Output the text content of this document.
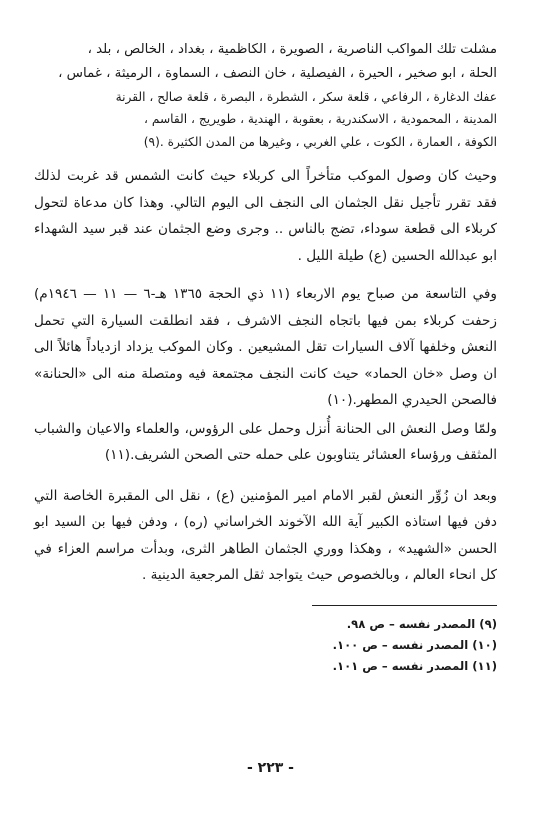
مشلت تلك المواكب الناصرية ، الصويرة ، الكاظمية ، بغداد ، الخالص ، بلد ،
الحلة ، ابو صخير ، الحيرة ، الفيصلية ، خان النصف ، السماوة ، الرميثة ، غماس ،
عفك الدغارة ، الرفاعي ، قلعة سكر ، الشطرة ، البصرة ، قلعة صالح ، القرنة
المدينة ، المحمودية ، الاسكندرية ، بعقوبة ، الهندية ، طويريج ، القاسم ،
الكوفة ، العمارة ، الكوت ، علي الغربي ، وغيرها من المدن الكثيرة .(٩)

وحيث كان وصول الموكب متأخراً الى كربلاء حيث كانت الشمس قد غربت لذلك فقد تقرر تأجيل نقل الجثمان الى النجف الى اليوم التالي. وهذا كان مدعاة لتحول كربلاء الى قطعة سوداء، تضج بالناس .. وجرى وضع الجثمان عند قبر سيد الشهداء ابو عبدالله الحسين (ع) طيلة الليل .

وفي التاسعة من صباح يوم الاربعاء (١١ ذي الحجة ١٣٦٥ هـ-٦ — ١١ — ١٩٤٦م) زحفت كربلاء بمن فيها باتجاه النجف الاشرف ، فقد انطلقت السيارة التي تحمل النعش وخلفها آلاف السيارات تقل المشيعين . وكان الموكب يزداد ازدياداً هائلاً الى ان وصل «خان الحماد» حيث كانت النجف مجتمعة فيه ومتصلة منه الى «الحنانة» فالصحن الحيدري المطهر.(١٠)

ولمّا وصل النعش الى الحنانة أُنزل وحمل على الرؤوس، والعلماء والاعيان والشباب المثقف ورؤساء العشائر يتناوبون على حمله حتى الصحن الشريف.(١١)

وبعد ان زُوِّر النعش لقبر الامام امير المؤمنين (ع) ، نقل الى المقبرة الخاصة التي دفن فيها استاذه الكبير آية الله الآخوند الخراساني (ره) ، ودفن فيها بن السيد ابو الحسن «الشهيد» ، وهكذا ووري الجثمان الطاهر الثرى، وبدأت مراسم العزاء في كل انحاء العالم ، وبالخصوص حيث يتواجد ثقل المرجعية الدينية .

(٩) المصدر نفسه – ص ٩٨.
(١٠) المصدر نفسه – ص ١٠٠.
(١١) المصدر نفسه – ص ١٠١.
- ٢٢٣ -
